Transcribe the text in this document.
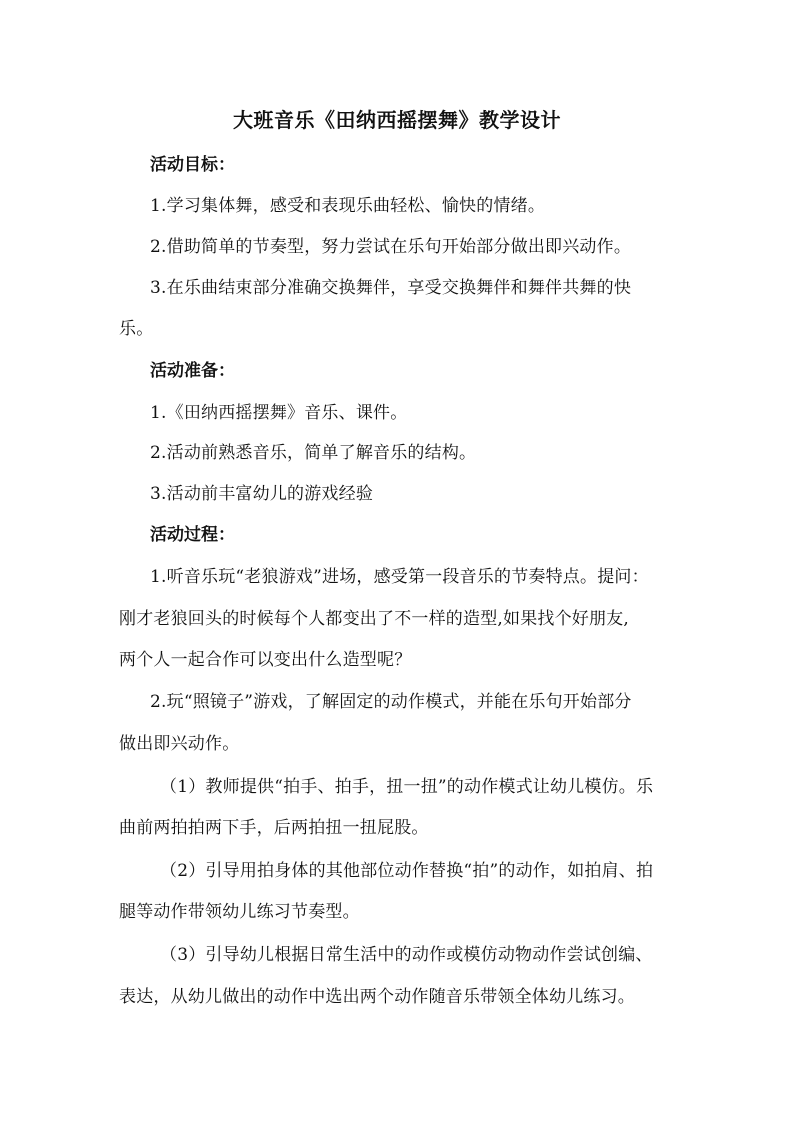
大班音乐《田纳西摇摆舞》教学设计
活动目标：
1.学习集体舞，感受和表现乐曲轻松、愉快的情绪。
2.借助简单的节奏型，努力尝试在乐句开始部分做出即兴动作。
3.在乐曲结束部分准确交换舞伴，享受交换舞伴和舞伴共舞的快
乐。
活动准备：
1.《田纳西摇摆舞》音乐、课件。
2.活动前熟悉音乐，简单了解音乐的结构。
3.活动前丰富幼儿的游戏经验
活动过程：
1.听音乐玩“老狼游戏”进场，感受第一段音乐的节奏特点。提问：
刚才老狼回头的时候每个人都变出了不一样的造型,如果找个好朋友,
两个人一起合作可以变出什么造型呢？
2.玩“照镜子”游戏，了解固定的动作模式，并能在乐句开始部分
做出即兴动作。
（1）教师提供“拍手、拍手，扭一扭”的动作模式让幼儿模仿。乐
曲前两拍拍两下手，后两拍扭一扭屁股。
（2）引导用拍身体的其他部位动作替换“拍”的动作，如拍肩、拍
腿等动作带领幼儿练习节奏型。
（3）引导幼儿根据日常生活中的动作或模仿动物动作尝试创编、
表达，从幼儿做出的动作中选出两个动作随音乐带领全体幼儿练习。
